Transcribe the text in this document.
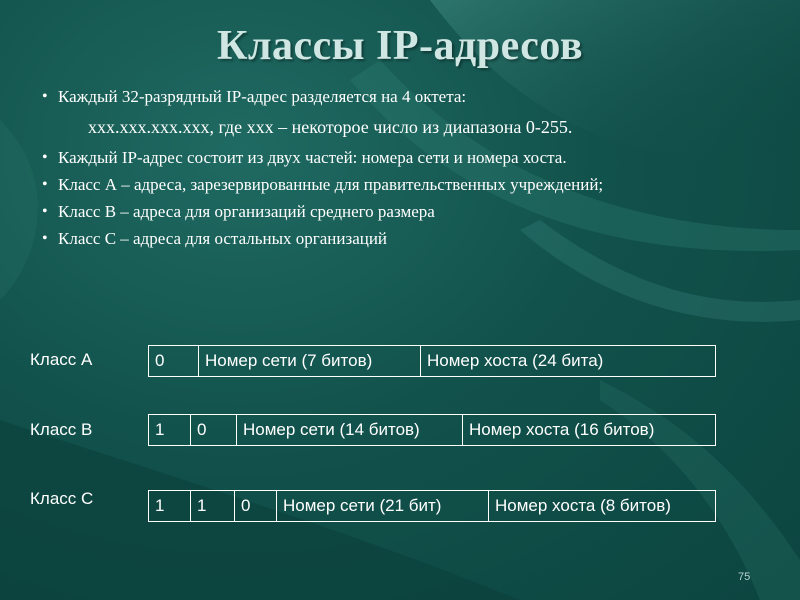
Классы IP-адресов
• Каждый 32-разрядный IP-адрес разделяется на 4 октета:
xxx.xxx.xxx.xxx, где xxx – некоторое число из диапазона 0-255.
• Каждый IP-адрес состоит из двух частей: номера сети и номера хоста.
• Класс А – адреса, зарезервированные для правительственных учреждений;
• Класс В – адреса для организаций среднего размера
• Класс С – адреса для остальных организаций
Класс А	0	Номер сети (7 битов)	Номер хоста (24 бита)
Класс В	1	0	Номер сети (14 битов)	Номер хоста (16 битов)
Класс С	1	1	0	Номер сети (21 бит)	Номер хоста (8 битов)
75
